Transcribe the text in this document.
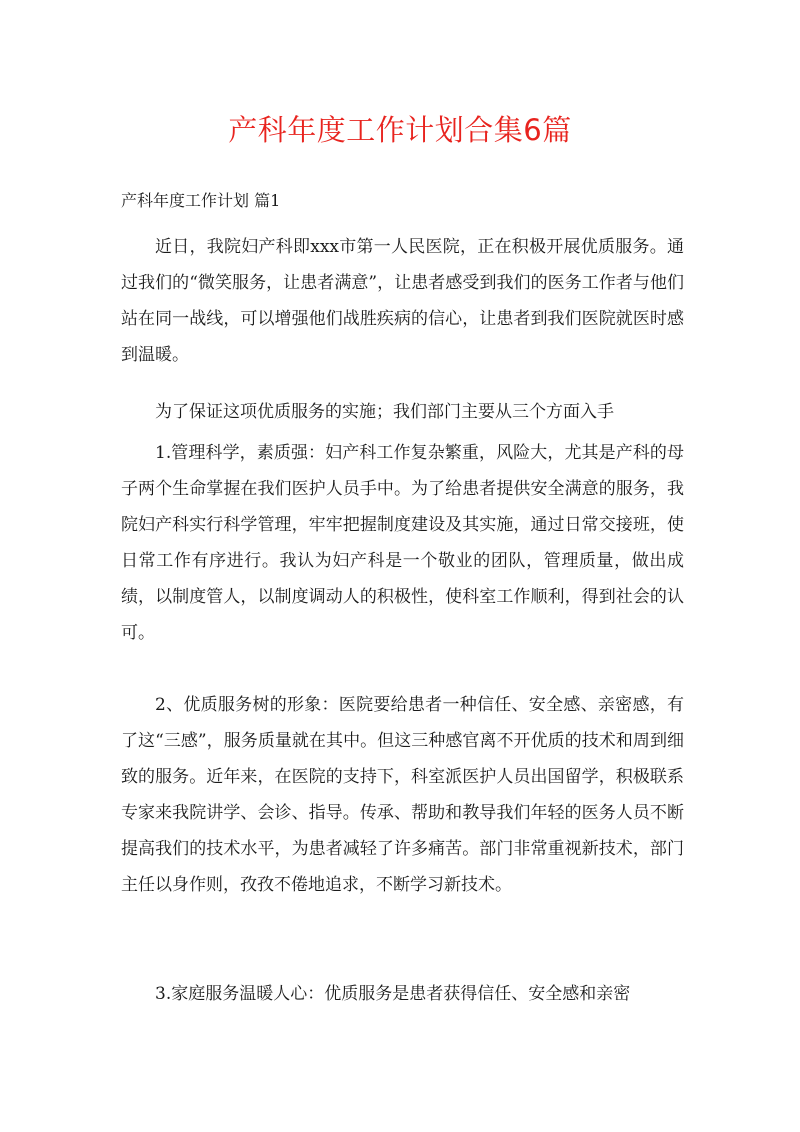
产科年度工作计划合集6篇
产科年度工作计划 篇1

近日，我院妇产科即xxx市第一人民医院，正在积极开展优质服务。通过我们的“微笑服务，让患者满意”，让患者感受到我们的医务工作者与他们站在同一战线，可以增强他们战胜疾病的信心，让患者到我们医院就医时感到温暖。

为了保证这项优质服务的实施；我们部门主要从三个方面入手

1.管理科学，素质强：妇产科工作复杂繁重，风险大，尤其是产科的母子两个生命掌握在我们医护人员手中。为了给患者提供安全满意的服务，我院妇产科实行科学管理，牢牢把握制度建设及其实施，通过日常交接班，使日常工作有序进行。我认为妇产科是一个敬业的团队，管理质量，做出成绩，以制度管人，以制度调动人的积极性，使科室工作顺利，得到社会的认可。

2、优质服务树的形象：医院要给患者一种信任、安全感、亲密感，有了这“三感”，服务质量就在其中。但这三种感官离不开优质的技术和周到细致的服务。近年来，在医院的支持下，科室派医护人员出国留学，积极联系专家来我院讲学、会诊、指导。传承、帮助和教导我们年轻的医务人员不断提高我们的技术水平，为患者减轻了许多痛苦。部门非常重视新技术，部门主任以身作则，孜孜不倦地追求，不断学习新技术。

3.家庭服务温暖人心：优质服务是患者获得信任、安全感和亲密
